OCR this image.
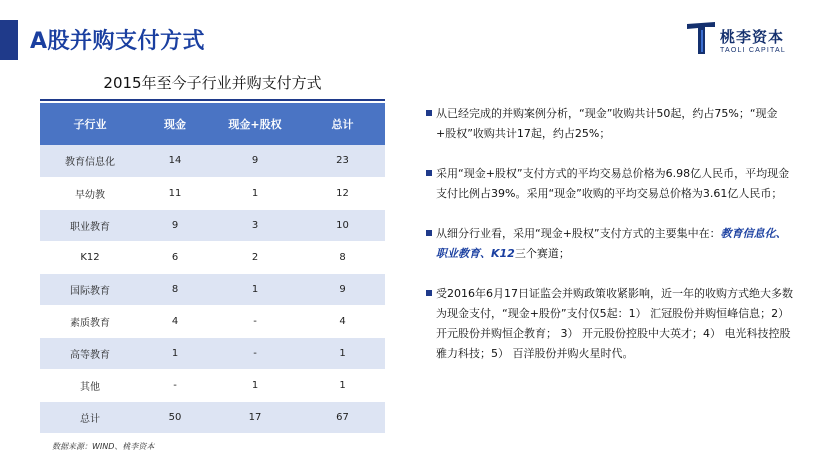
A股并购支付方式	桃李资本
TAOLI CAPITAL
2015年至今子行业并购支付方式
子行业	现金	现金+股权	总计
教育信息化	14	9	23
早幼教	11	1	12
职业教育	9	3	10
K12	6	2	8
国际教育	8	1	9
素质教育	4	-	4
高等教育	1	-	1
其他	-	1	1
总计	50	17	67
数据来源：WIND、桃李资本
从已经完成的并购案例分析，“现金”收购共计50起，约占75%；“现金+股权”收购共计17起，约占25%；
采用“现金+股权”支付方式的平均交易总价格为6.98亿人民币，平均现金支付比例占39%。采用“现金”收购的平均交易总价格为3.61亿人民币；
从细分行业看，采用“现金+股权”支付方式的主要集中在：教育信息化、职业教育、K12三个赛道；
受2016年6月17日证监会并购政策收紧影响，近一年的收购方式绝大多数为现金支付，“现金+股份”支付仅5起：1） 汇冠股份并购恒峰信息；2） 开元股份并购恒企教育； 3） 开元股份控股中大英才；4） 电光科技控股雅力科技；5） 百洋股份并购火星时代。
